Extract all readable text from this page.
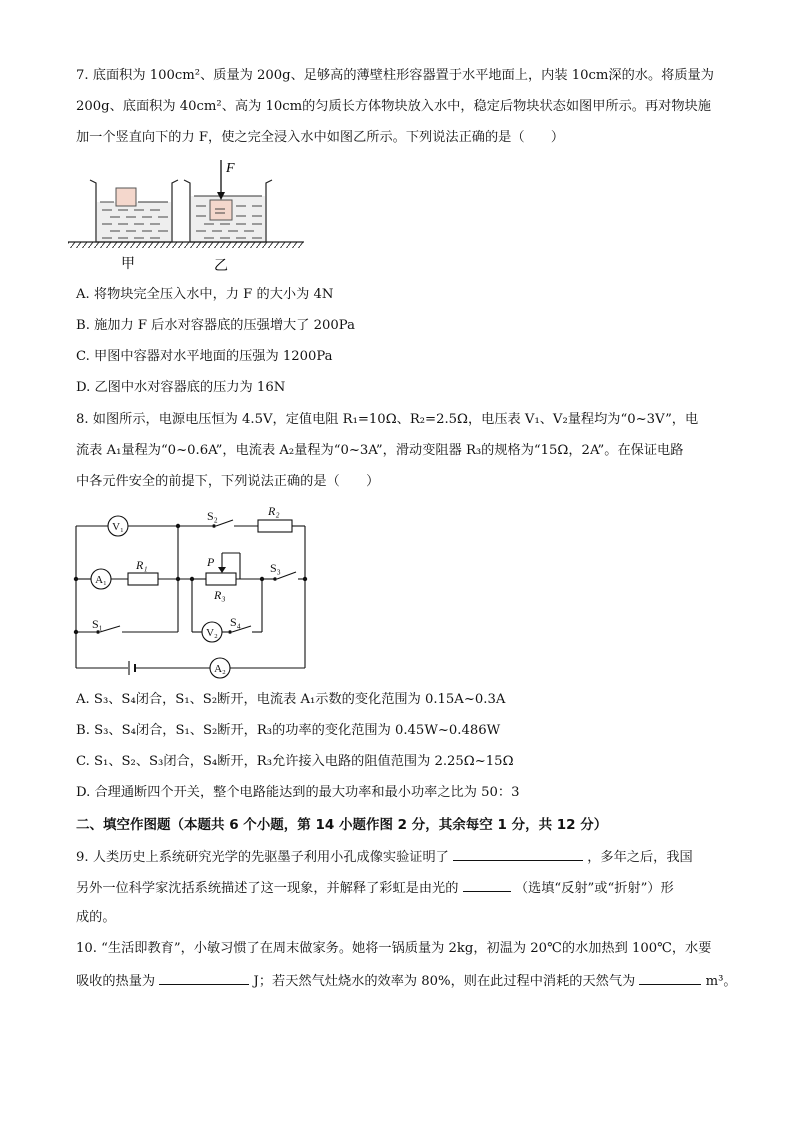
7. 底面积为 100cm²、质量为 200g、足够高的薄壁柱形容器置于水平地面上，内装 10cm深的水。将质量为
200g、底面积为 40cm²、高为 10cm的匀质长方体物块放入水中，稳定后物块状态如图甲所示。再对物块施
加一个竖直向下的力 F，使之完全浸入水中如图乙所示。下列说法正确的是（　　）
F
甲	乙
A. 将物块完全压入水中，力 F 的大小为 4N
B. 施加力 F 后水对容器底的压强增大了 200Pa
C. 甲图中容器对水平地面的压强为 1200Pa
D. 乙图中水对容器底的压力为 16N
8. 如图所示，电源电压恒为 4.5V，定值电阻 R₁=10Ω、R₂=2.5Ω，电压表 V₁、V₂量程均为“0~3V”，电
流表 A₁量程为“0~0.6A”，电流表 A₂量程为“0~3A”，滑动变阻器 R₃的规格为“15Ω，2A”。在保证电路
中各元件安全的前提下，下列说法正确的是（　　）
V₁
A₁
V₂
A₂
R₁
R₂
R₃
P
S₂
S₃
S₁	S₄
A. S₃、S₄闭合，S₁、S₂断开，电流表 A₁示数的变化范围为 0.15A~0.3A
B. S₃、S₄闭合，S₁、S₂断开，R₃的功率的变化范围为 0.45W~0.486W
C. S₁、S₂、S₃闭合，S₄断开，R₃允许接入电路的阻值范围为 2.25Ω~15Ω
D. 合理通断四个开关，整个电路能达到的最大功率和最小功率之比为 50：3
二、填空作图题（本题共 6 个小题，第 14 小题作图 2 分，其余每空 1 分，共 12 分）
9. 人类历史上系统研究光学的先驱墨子利用小孔成像实验证明了	，多年之后，我国
另外一位科学家沈括系统描述了这一现象，并解释了彩虹是由光的	（选填“反射”或“折射”）形
成的。
10. “生活即教育”，小敏习惯了在周末做家务。她将一锅质量为 2kg，初温为 20℃的水加热到 100℃，水要
吸收的热量为	J；若天然气灶烧水的效率为 80%，则在此过程中消耗的天然气为	m³。
